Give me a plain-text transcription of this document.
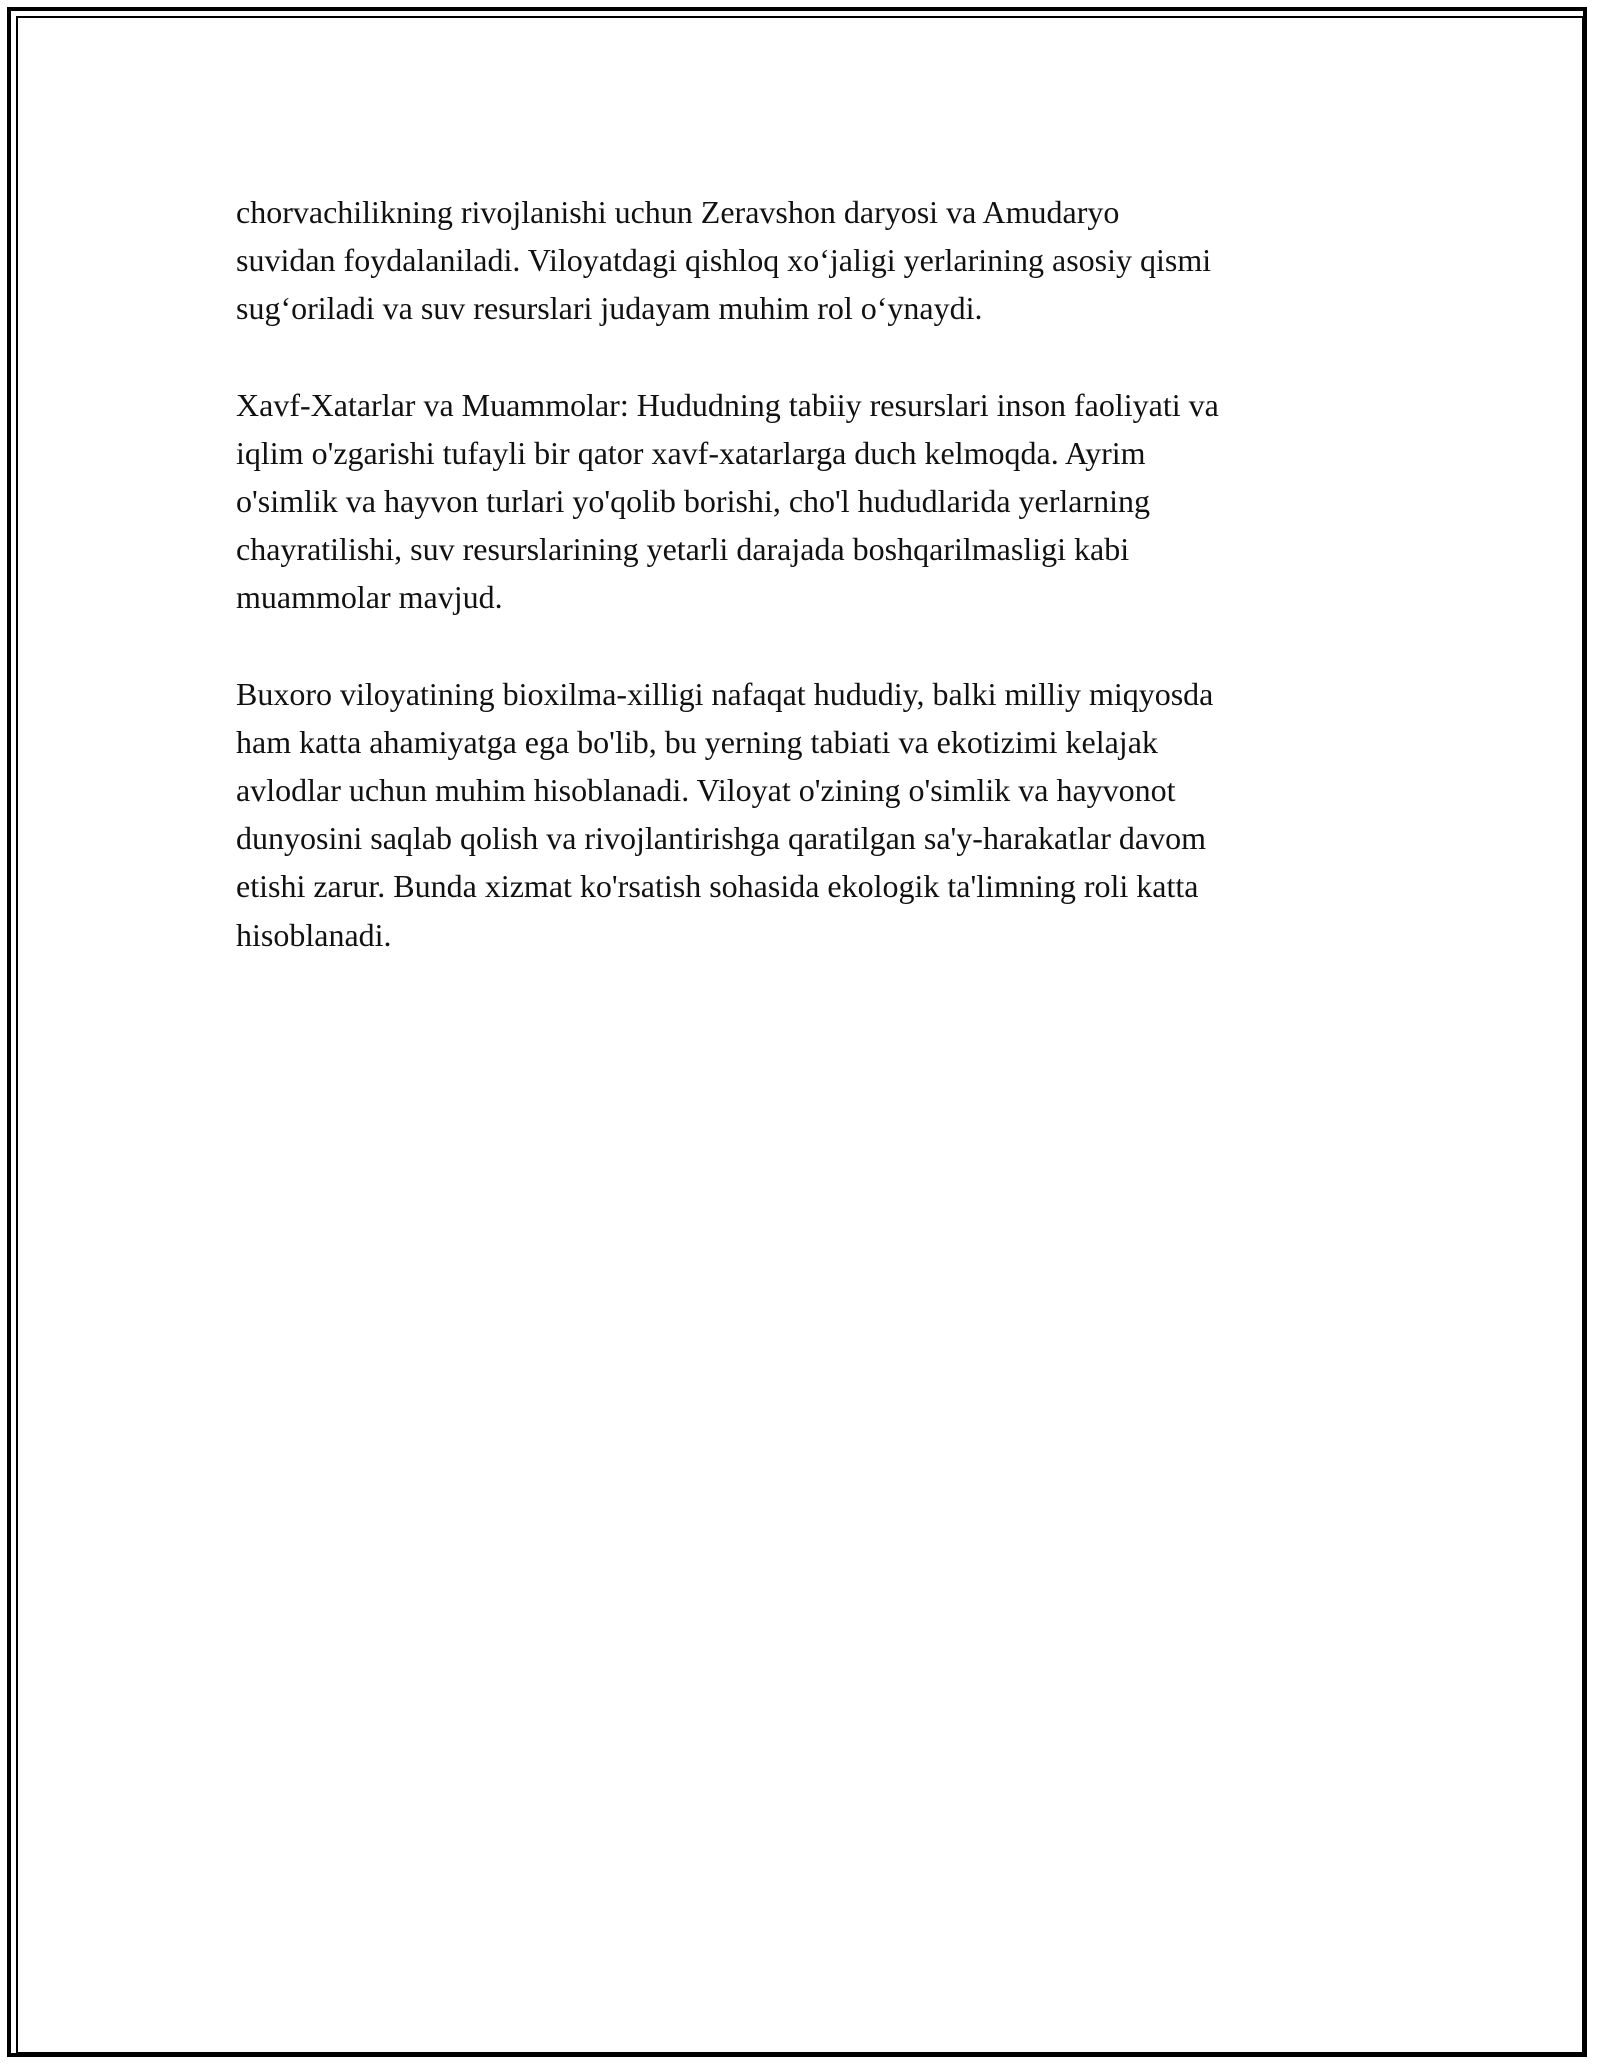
chorvachilikning rivojlanishi uchun Zeravshon daryosi va Amudaryo
suvidan foydalaniladi. Viloyatdagi qishloq xo‘jaligi yerlarining asosiy qismi
sug‘oriladi va suv resurslari judayam muhim rol o‘ynaydi.

Xavf-Xatarlar va Muammolar: Hududning tabiiy resurslari inson faoliyati va
iqlim o'zgarishi tufayli bir qator xavf-xatarlarga duch kelmoqda. Ayrim
o'simlik va hayvon turlari yo'qolib borishi, cho'l hududlarida yerlarning
chayratilishi, suv resurslarining yetarli darajada boshqarilmasligi kabi
muammolar mavjud.

Buxoro viloyatining bioxilma-xilligi nafaqat hududiy, balki milliy miqyosda
ham katta ahamiyatga ega bo'lib, bu yerning tabiati va ekotizimi kelajak
avlodlar uchun muhim hisoblanadi. Viloyat o'zining o'simlik va hayvonot
dunyosini saqlab qolish va rivojlantirishga qaratilgan sa'y-harakatlar davom
etishi zarur. Bunda xizmat ko'rsatish sohasida ekologik ta'limning roli katta
hisoblanadi.
